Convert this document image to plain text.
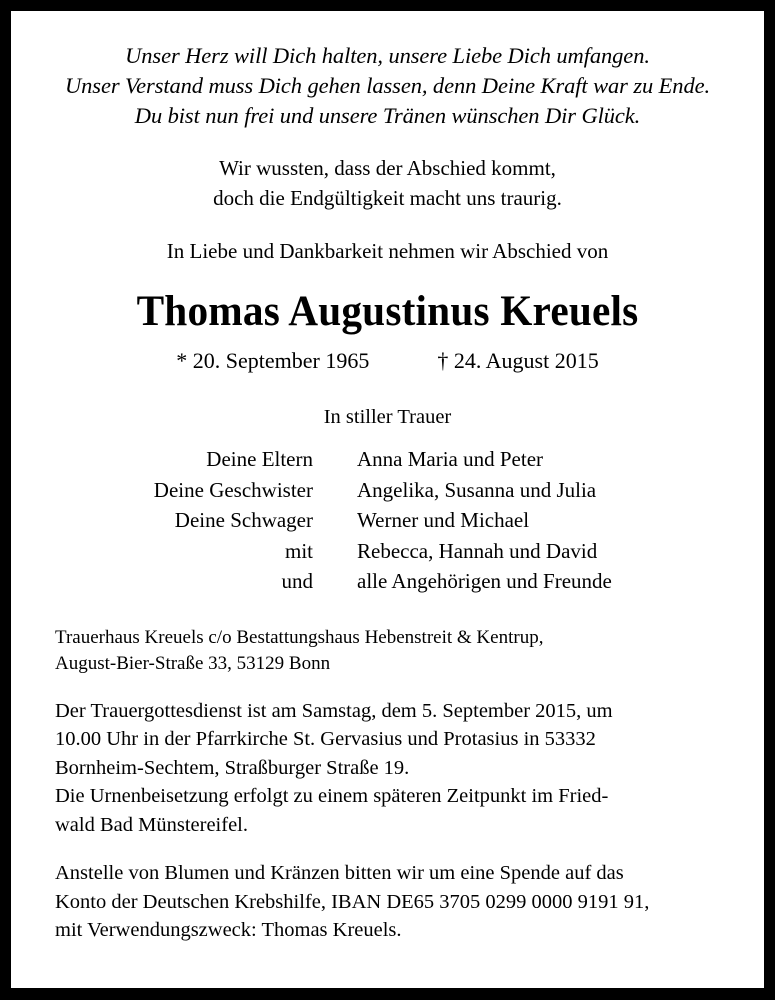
Unser Herz will Dich halten, unsere Liebe Dich umfangen.
Unser Verstand muss Dich gehen lassen, denn Deine Kraft war zu Ende.
Du bist nun frei und unsere Tränen wünschen Dir Glück.
Wir wussten, dass der Abschied kommt,
doch die Endgültigkeit macht uns traurig.
In Liebe und Dankbarkeit nehmen wir Abschied von
Thomas Augustinus Kreuels
* 20. September 1965	† 24. August 2015
In stiller Trauer
Deine Eltern	Anna Maria und Peter
Deine Geschwister	Angelika, Susanna und Julia
Deine Schwager	Werner und Michael
mit	Rebecca, Hannah und David
und	alle Angehörigen und Freunde
Trauerhaus Kreuels c/o Bestattungshaus Hebenstreit & Kentrup,
August-Bier-Straße 33, 53129 Bonn
Der Trauergottesdienst ist am Samstag, dem 5. September 2015, um
10.00 Uhr in der Pfarrkirche St. Gervasius und Protasius in 53332
Bornheim-Sechtem, Straßburger Straße 19.
Die Urnenbeisetzung erfolgt zu einem späteren Zeitpunkt im Fried-
wald Bad Münstereifel.
Anstelle von Blumen und Kränzen bitten wir um eine Spende auf das
Konto der Deutschen Krebshilfe, IBAN DE65 3705 0299 0000 9191 91,
mit Verwendungszweck: Thomas Kreuels.
